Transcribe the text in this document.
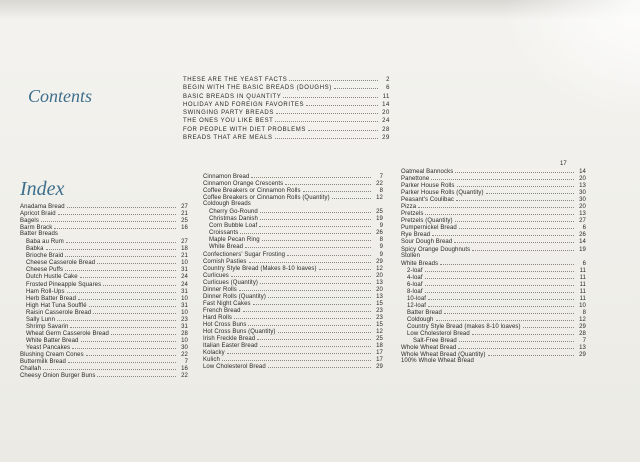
Contents
THESE ARE THE YEAST FACTS	2
BEGIN WITH THE BASIC BREADS (DOUGHS)	6
BASIC BREADS IN QUANTITY	11
HOLIDAY AND FOREIGN FAVORITES	14
SWINGING PARTY BREADS	20
THE ONES YOU LIKE BEST	24
FOR PEOPLE WITH DIET PROBLEMS	28
BREADS THAT ARE MEALS	29
Index
Anadama Bread	27
Apricot Braid	21
Bagels	25
Barm Brack	16
Batter Breads
Baba au Rum	27
Babka	18
Brioche Braid	21
Cheese Casserole Bread	10
Cheese Puffs	31
Dutch Hustle Cake	24
Frosted Pineapple Squares	24
Ham Roll-Ups	31
Herb Batter Bread	10
High Hat Tuna Soufflé	31
Raisin Casserole Bread	10
Sally Lunn	23
Shrimp Savarin	31
Wheat Germ Casserole Bread	28
White Batter Bread	10
Yeast Pancakes	30
Blushing Cream Cones	22
Buttermilk Bread	7
Challah	16
Cheesy Onion Burger Buns	22
Cinnamon Bread	7
Cinnamon Orange Crescents	22
Coffee Breakers or Cinnamon Rolls	8
Coffee Breakers or Cinnamon Rolls (Quantity)	12
Coldough Breads
Cherry Go-Round	25
Christmas Danish	19
Corn Bubble Loaf	9
Croissants	26
Maple Pecan Ring	8
White Bread	9
Confectioners' Sugar Frosting	9
Cornish Pasties	29
Country Style Bread (Makes 8-10 loaves)	12
Curlicues	20
Curlicues (Quantity)	13
Dinner Rolls	20
Dinner Rolls (Quantity)	13
Fast Night Cakes	15
French Bread	23
Hard Rolls	23
Hot Cross Buns	15
Hot Cross Buns (Quantity)	12
Irish Freckle Bread	25
Italian Easter Bread	18
Kolacky	17
Kulich	17
Low Cholesterol Bread	29
17
Oatmeal Bannocks	14
Panettone	20
Parker House Rolls	13
Parker House Rolls (Quantity)	30
Peasant's Coulibac	30
Pizza	20
Pretzels	13
Pretzels (Quantity)	27
Pumpernickel Bread	6
Rye Bread	26
Sour Dough Bread	14
Spicy Orange Doughnuts	19
Stollen
White Breads	6
2-loaf	11
4-loaf	11
6-loaf	11
8-loaf	11
10-loaf	11
12-loaf	10
Batter Bread	8
Coldough	12
Country Style Bread (makes 8-10 loaves)	29
Low Cholesterol Bread	28
Salt-Free Bread	7
Whole Wheat Bread	13
Whole Wheat Bread (Quantity)	29
100% Whole Wheat Bread
